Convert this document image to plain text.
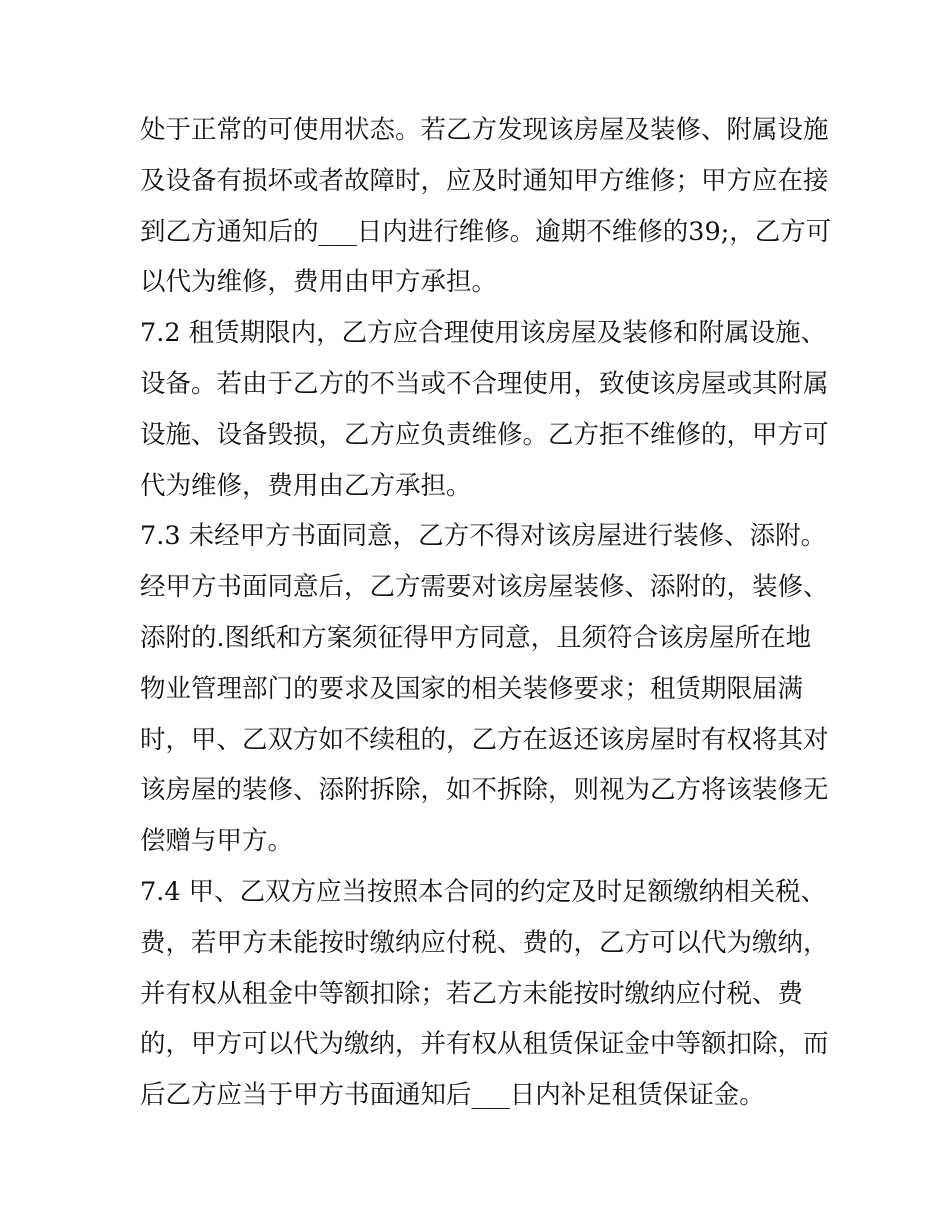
处于正常的可使用状态。若乙方发现该房屋及装修、附属设施
及设备有损坏或者故障时，应及时通知甲方维修；甲方应在接
到乙方通知后的___日内进行维修。逾期不维修的39;，乙方可
以代为维修，费用由甲方承担。
7.2 租赁期限内，乙方应合理使用该房屋及装修和附属设施、
设备。若由于乙方的不当或不合理使用，致使该房屋或其附属
设施、设备毁损，乙方应负责维修。乙方拒不维修的，甲方可
代为维修，费用由乙方承担。
7.3 未经甲方书面同意，乙方不得对该房屋进行装修、添附。
经甲方书面同意后，乙方需要对该房屋装修、添附的，装修、
添附的.图纸和方案须征得甲方同意，且须符合该房屋所在地
物业管理部门的要求及国家的相关装修要求；租赁期限届满
时，甲、乙双方如不续租的，乙方在返还该房屋时有权将其对
该房屋的装修、添附拆除，如不拆除，则视为乙方将该装修无
偿赠与甲方。
7.4 甲、乙双方应当按照本合同的约定及时足额缴纳相关税、
费，若甲方未能按时缴纳应付税、费的，乙方可以代为缴纳，
并有权从租金中等额扣除；若乙方未能按时缴纳应付税、费
的，甲方可以代为缴纳，并有权从租赁保证金中等额扣除，而
后乙方应当于甲方书面通知后___日内补足租赁保证金。
